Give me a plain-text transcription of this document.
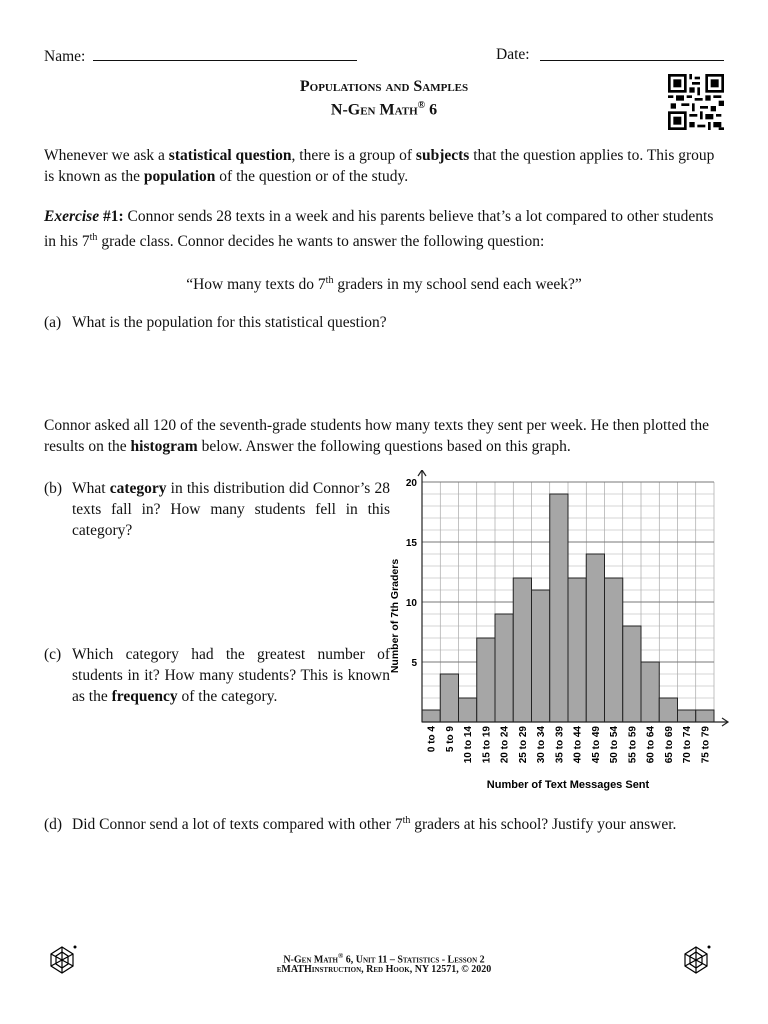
Name:	Date:
Populations and Samples
N-Gen Math® 6
Whenever we ask a statistical question, there is a group of subjects that the question applies to. This group is known as the population of the question or of the study.
Exercise #1: Connor sends 28 texts in a week and his parents believe that’s a lot compared to other students in his 7th grade class. Connor decides he wants to answer the following question:
“How many texts do 7th graders in my school send each week?”
(a) What is the population for this statistical question?
Connor asked all 120 of the seventh-grade students how many texts they sent per week. He then plotted the results on the histogram below. Answer the following questions based on this graph.
(b) What category in this distribution did Connor’s 28 texts fall in? How many students fell in this category?
(c) Which category had the greatest number of students in it? How many students? This is known as the frequency of the category.
5
10
15
20
0 to 4 5 to 9 10 to 14 15 to 19 20 to 24 25 to 29 30 to 34 35 to 39 40 to 44 45 to 49 50 to 54 55 to 59 60 to 64 65 to 69 70 to 74 75 to 79
Number of Text Messages Sent
Number of 7th Graders
(d) Did Connor send a lot of texts compared with other 7th graders at his school? Justify your answer.
N-Gen Math® 6, Unit 11 – Statistics - Lesson 2
eMATHinstruction, Red Hook, NY 12571, © 2020
